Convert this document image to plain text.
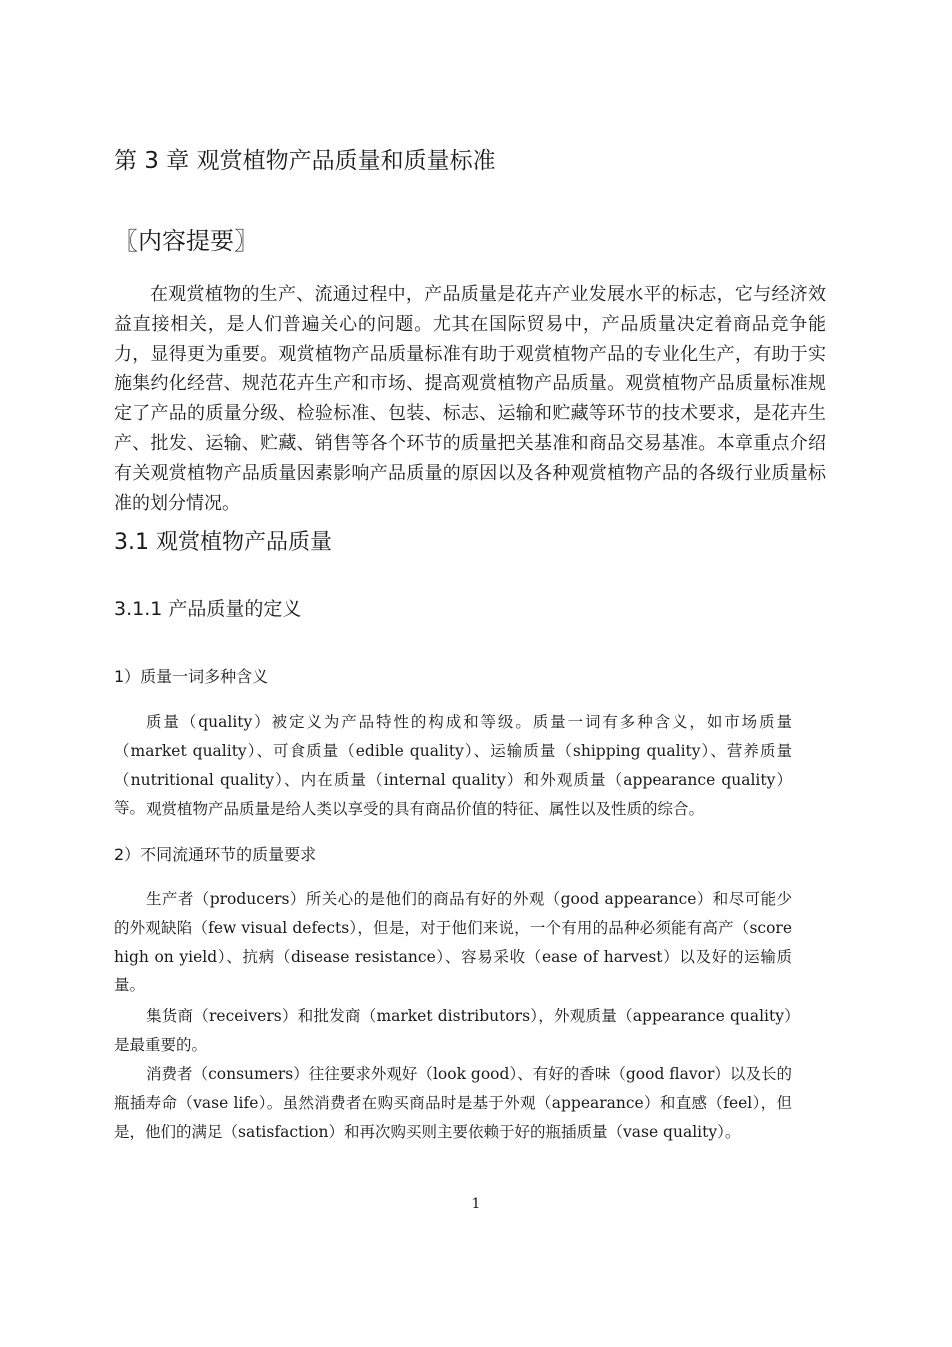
第 3 章 观赏植物产品质量和质量标准
〖内容提要〗

在观赏植物的生产、流通过程中，产品质量是花卉产业发展水平的标志，它与经济效益直接相关，是人们普遍关心的问题。尤其在国际贸易中，产品质量决定着商品竞争能力，显得更为重要。观赏植物产品质量标准有助于观赏植物产品的专业化生产，有助于实施集约化经营、规范花卉生产和市场、提高观赏植物产品质量。观赏植物产品质量标准规定了产品的质量分级、检验标准、包装、标志、运输和贮藏等环节的技术要求，是花卉生产、批发、运输、贮藏、销售等各个环节的质量把关基准和商品交易基准。本章重点介绍有关观赏植物产品质量因素影响产品质量的原因以及各种观赏植物产品的各级行业质量标准的划分情况。

3.1 观赏植物产品质量
3.1.1 产品质量的定义
1）质量一词多种含义

质量（quality）被定义为产品特性的构成和等级。质量一词有多种含义，如市场质量（market quality）、可食质量（edible quality）、运输质量（shipping quality）、营养质量（nutritional quality）、内在质量（internal quality）和外观质量（appearance quality）等。 观赏植物产品质量是给人类以享受的具有商品价值的特征、属性以及性质的综合。

2）不同流通环节的质量要求

生产者（producers）所关心的是他们的商品有好的外观（good appearance）和尽可能少的外观缺陷（few visual defects），但是，对于他们来说，一个有用的品种必须能有高产（score high on yield）、抗病（disease resistance）、容易采收（ease of harvest）以及好的运输质量。

集货商（receivers）和批发商（market distributors），外观质量（appearance quality）是最重要的。

消费者（consumers）往往要求外观好（look good）、有好的香味（good flavor）以及长的瓶插寿命（vase life）。虽然消费者在购买商品时是基于外观（appearance）和直感（feel），但是，他们的满足（satisfaction）和再次购买则主要依赖于好的瓶插质量（vase quality）。

1
